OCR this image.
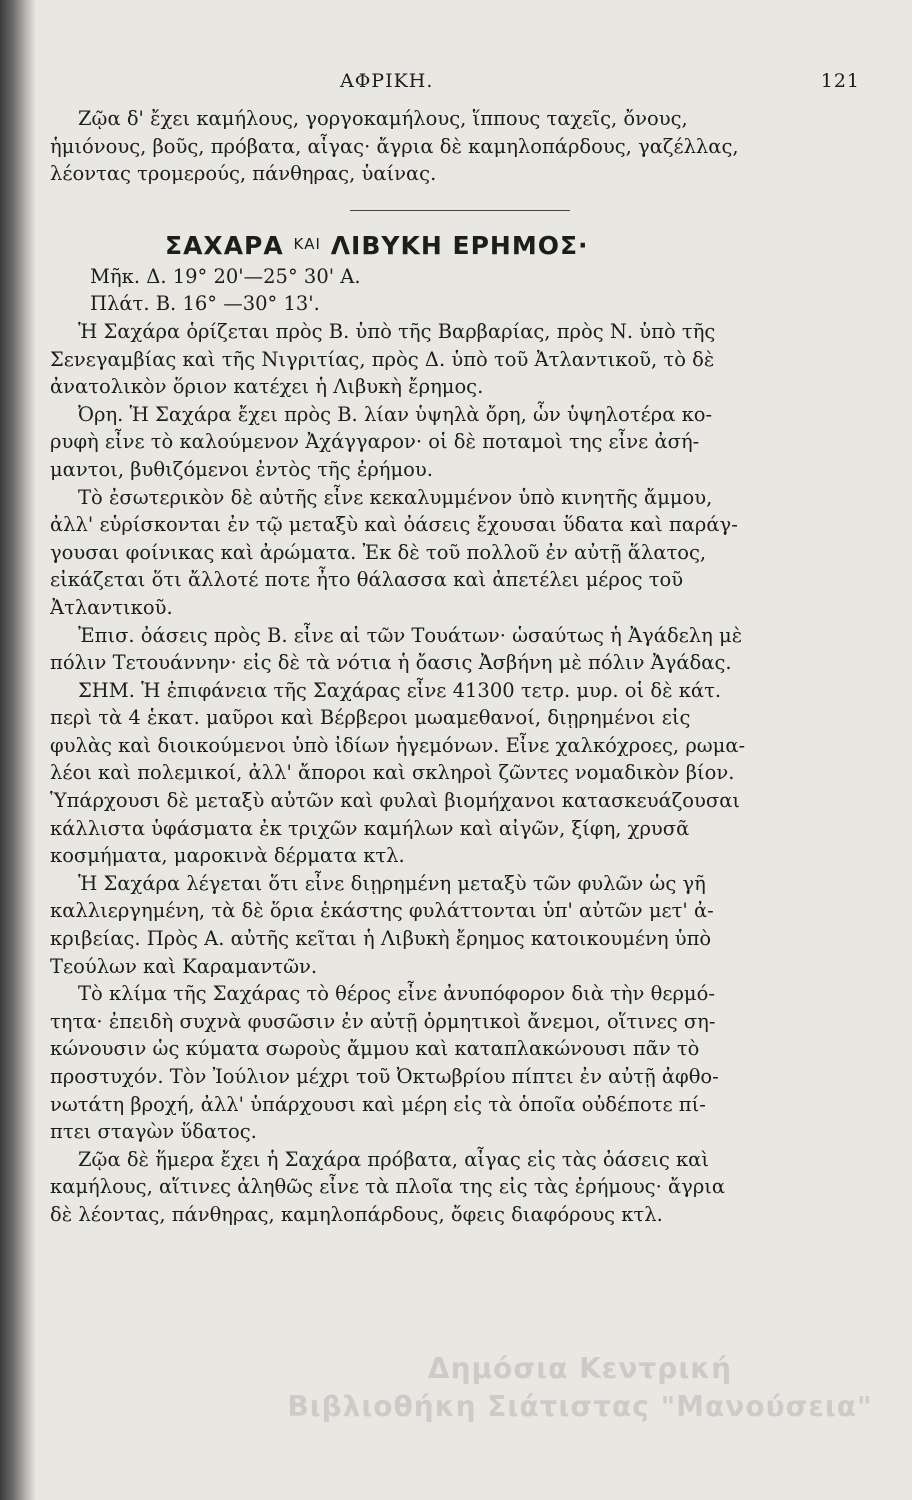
ΑΦΡΙΚΗ.	121
Ζῷα δ' ἔχει καμήλους, γοργοκαμήλους, ἵππους ταχεῖς, ὄνους,
ἡμιόνους, βοῦς, πρόβατα, αἶγας· ἄγρια δὲ καμηλοπάρδους, γαζέλλας,
λέοντας τρομερούς, πάνθηρας, ὑαίνας.
ΣΑΧΑΡΑ $^{KAI}$ ΛΙΒΥΚΗ ΕΡΗΜΟΣ·
Μῆκ. Δ. 19° 20'—25° 30' Α.
Πλάτ. Β. 16° —30° 13'.
Ἡ Σαχάρα ὁρίζεται πρὸς Β. ὑπὸ τῆς Βαρβαρίας, πρὸς Ν. ὑπὸ τῆς
Σενεγαμβίας καὶ τῆς Νιγριτίας, πρὸς Δ. ὑπὸ τοῦ Ἀτλαντικοῦ, τὸ δὲ
ἀνατολικὸν ὅριον κατέχει ἡ Λιβυκὴ ἔρημος.
Ὀρη. Ἡ Σαχάρα ἔχει πρὸς Β. λίαν ὑψηλὰ ὄρη, ὧν ὑψηλοτέρα κο-
ρυφὴ εἶνε τὸ καλούμενον Ἀχάγγαρον· οἱ δὲ ποταμοὶ της εἶνε ἀσή-
μαντοι, βυθιζόμενοι ἐντὸς τῆς ἐρήμου.
Τὸ ἐσωτερικὸν δὲ αὐτῆς εἶνε κεκαλυμμένον ὑπὸ κινητῆς ἄμμου,
ἀλλ' εὑρίσκονται ἐν τῷ μεταξὺ καὶ ὀάσεις ἔχουσαι ὕδατα καὶ παράγ-
γουσαι φοίνικας καὶ ἀρώματα. Ἐκ δὲ τοῦ πολλοῦ ἐν αὐτῇ ἅλατος,
εἰκάζεται ὅτι ἄλλοτέ ποτε ἦτο θάλασσα καὶ ἀπετέλει μέρος τοῦ
Ἀτλαντικοῦ.
Ἐπισ. ὀάσεις πρὸς Β. εἶνε αἱ τῶν Τουάτων· ὡσαύτως ἡ Ἀγάδελη μὲ
πόλιν Τετουάννην· εἰς δὲ τὰ νότια ἡ ὄασις Ἀσβήνη μὲ πόλιν Ἀγάδας.
ΣΗΜ. Ἡ ἐπιφάνεια τῆς Σαχάρας εἶνε 41300 τετρ. μυρ. οἱ δὲ κάτ.
περὶ τὰ 4 ἑκατ. μαῦροι καὶ Βέρβεροι μωαμεθανοί, διῃρημένοι εἰς
φυλὰς καὶ διοικούμενοι ὑπὸ ἰδίων ἡγεμόνων. Εἶνε χαλκόχροες, ρωμα-
λέοι καὶ πολεμικοί, ἀλλ' ἄποροι καὶ σκληροὶ ζῶντες νομαδικὸν βίον.
Ὑπάρχουσι δὲ μεταξὺ αὐτῶν καὶ φυλαὶ βιομήχανοι κατασκευάζουσαι
κάλλιστα ὑφάσματα ἐκ τριχῶν καμήλων καὶ αἰγῶν, ξίφη, χρυσᾶ
κοσμήματα, μαροκινὰ δέρματα κτλ.
Ἡ Σαχάρα λέγεται ὅτι εἶνε διῃρημένη μεταξὺ τῶν φυλῶν ὡς γῆ
καλλιεργημένη, τὰ δὲ ὅρια ἑκάστης φυλάττονται ὑπ' αὐτῶν μετ' ἀ-
κριβείας. Πρὸς Α. αὐτῆς κεῖται ἡ Λιβυκὴ ἔρημος κατοικουμένη ὑπὸ
Τεούλων καὶ Καραμαντῶν.
Τὸ κλίμα τῆς Σαχάρας τὸ θέρος εἶνε ἀνυπόφορον διὰ τὴν θερμό-
τητα· ἐπειδὴ συχνὰ φυσῶσιν ἐν αὐτῇ ὁρμητικοὶ ἄνεμοι, οἵτινες ση-
κώνουσιν ὡς κύματα σωροὺς ἄμμου καὶ καταπλακώνουσι πᾶν τὸ
προστυχόν. Τὸν Ἰούλιον μέχρι τοῦ Ὀκτωβρίου πίπτει ἐν αὐτῇ ἀφθο-
νωτάτη βροχή, ἀλλ' ὑπάρχουσι καὶ μέρη εἰς τὰ ὁποῖα οὐδέποτε πί-
πτει σταγὼν ὕδατος.
Ζῷα δὲ ἥμερα ἔχει ἡ Σαχάρα πρόβατα, αἶγας εἰς τὰς ὀάσεις καὶ
καμήλους, αἵτινες ἀληθῶς εἶνε τὰ πλοῖα της εἰς τὰς ἐρήμους· ἄγρια
δὲ λέοντας, πάνθηρας, καμηλοπάρδους, ὄφεις διαφόρους κτλ.
Δημόσια Κεντρική
Βιβλιοθήκη Σιάτιστας "Μανούσεια"
